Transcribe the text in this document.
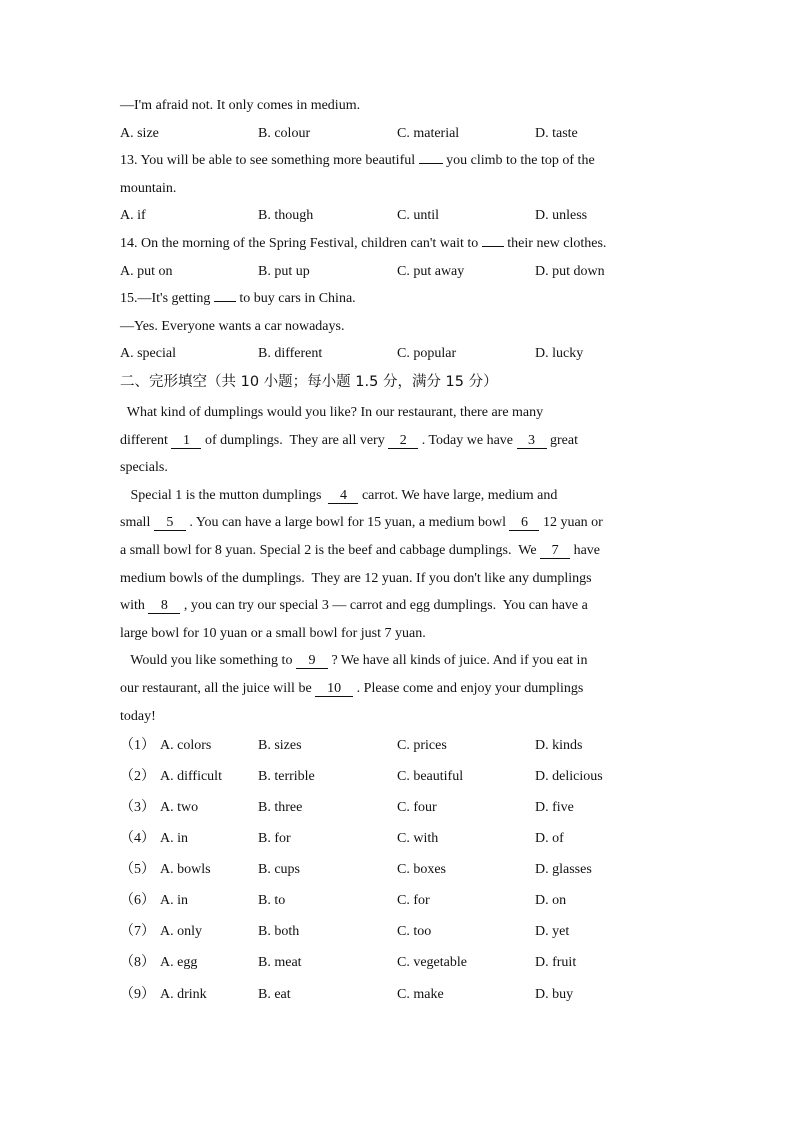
—I'm afraid not. It only comes in medium.
A. size	B. colour	C. material	D. taste
13. You will be able to see something more beautiful  you climb to the top of the
mountain.
A. if	B. though	C. until	D. unless
14. On the morning of the Spring Festival, children can't wait to  their new clothes.
A. put on	B. put up	C. put away	D. put down
15.—It's getting  to buy cars in China.
—Yes. Everyone wants a car nowadays.
A. special	B. different	C. popular	D. lucky
二、完形填空（共 10 小题；每小题 1.5 分，满分 15 分）
What kind of dumplings would you like? In our restaurant, there are many
different 1 of dumplings.  They are all very 2 . Today we have 3 great
specials.
Special 1 is the mutton dumplings  4 carrot. We have large, medium and
small 5 . You can have a large bowl for 15 yuan, a medium bowl 6 12 yuan or
a small bowl for 8 yuan. Special 2 is the beef and cabbage dumplings.  We 7 have
medium bowls of the dumplings.  They are 12 yuan. If you don't like any dumplings
with 8 , you can try our special 3 — carrot and egg dumplings.  You can have a
large bowl for 10 yuan or a small bowl for just 7 yuan.
Would you like something to 9 ? We have all kinds of juice. And if you eat in
our restaurant, all the juice will be 10 . Please come and enjoy your dumplings
today!
（1） A. colors	B. sizes	C. prices	D. kinds
（2） A. difficult	B. terrible	C. beautiful	D. delicious
（3） A. two	B. three	C. four	D. five
（4） A. in	B. for	C. with	D. of
（5） A. bowls	B. cups	C. boxes	D. glasses
（6） A. in	B. to	C. for	D. on
（7） A. only	B. both	C. too	D. yet
（8） A. egg	B. meat	C. vegetable	D. fruit
（9） A. drink	B. eat	C. make	D. buy
